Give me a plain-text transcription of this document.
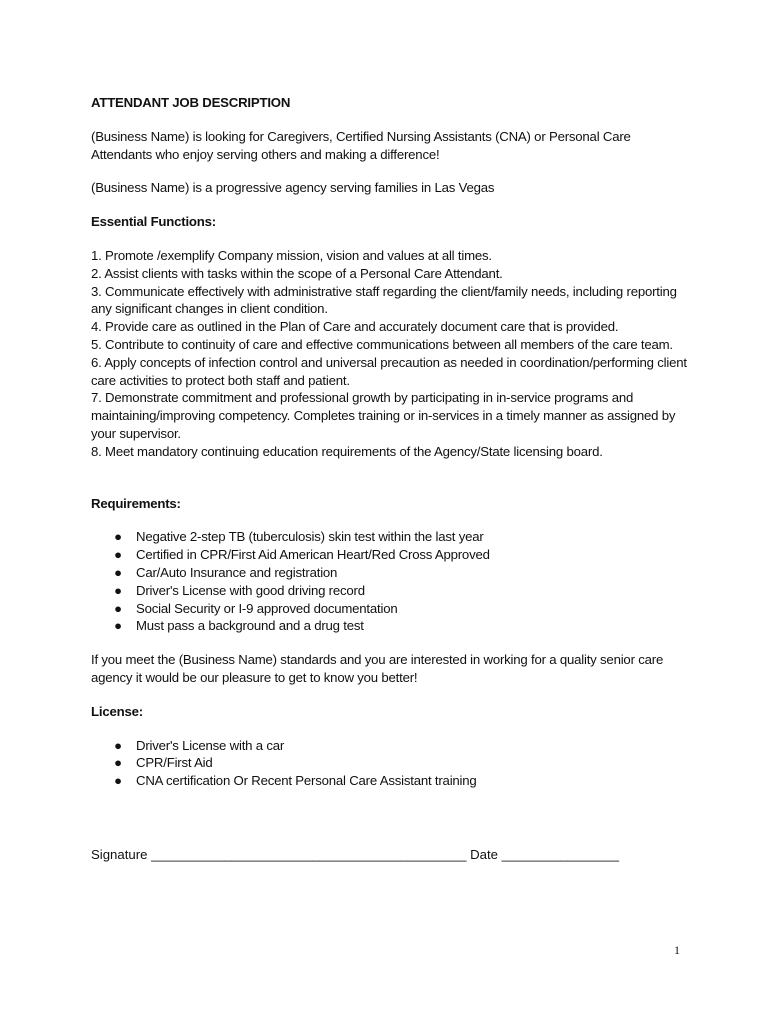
ATTENDANT JOB DESCRIPTION

(Business Name) is looking for Caregivers, Certified Nursing Assistants (CNA) or Personal Care Attendants who enjoy serving others and making a difference!

(Business Name) is a progressive agency serving families in Las Vegas

Essential Functions:

1. Promote /exemplify Company mission, vision and values at all times.
2. Assist clients with tasks within the scope of a Personal Care Attendant.
3. Communicate effectively with administrative staff regarding the client/family needs, including reporting any significant changes in client condition.
4. Provide care as outlined in the Plan of Care and accurately document care that is provided.
5. Contribute to continuity of care and effective communications between all members of the care team.
6. Apply concepts of infection control and universal precaution as needed in coordination/performing client care activities to protect both staff and patient.
7. Demonstrate commitment and professional growth by participating in in-service programs and maintaining/improving competency. Completes training or in-services in a timely manner as assigned by your supervisor.
8. Meet mandatory continuing education requirements of the Agency/State licensing board.

Requirements:

● Negative 2-step TB (tuberculosis) skin test within the last year
● Certified in CPR/First Aid American Heart/Red Cross Approved
● Car/Auto Insurance and registration
● Driver's License with good driving record
● Social Security or I-9 approved documentation
● Must pass a background and a drug test

If you meet the (Business Name) standards and you are interested in working for a quality senior care agency it would be our pleasure to get to know you better!

License:

● Driver's License with a car
● CPR/First Aid
● CNA certification Or Recent Personal Care Assistant training
Signature ___________________________________________ Date ________________
1
